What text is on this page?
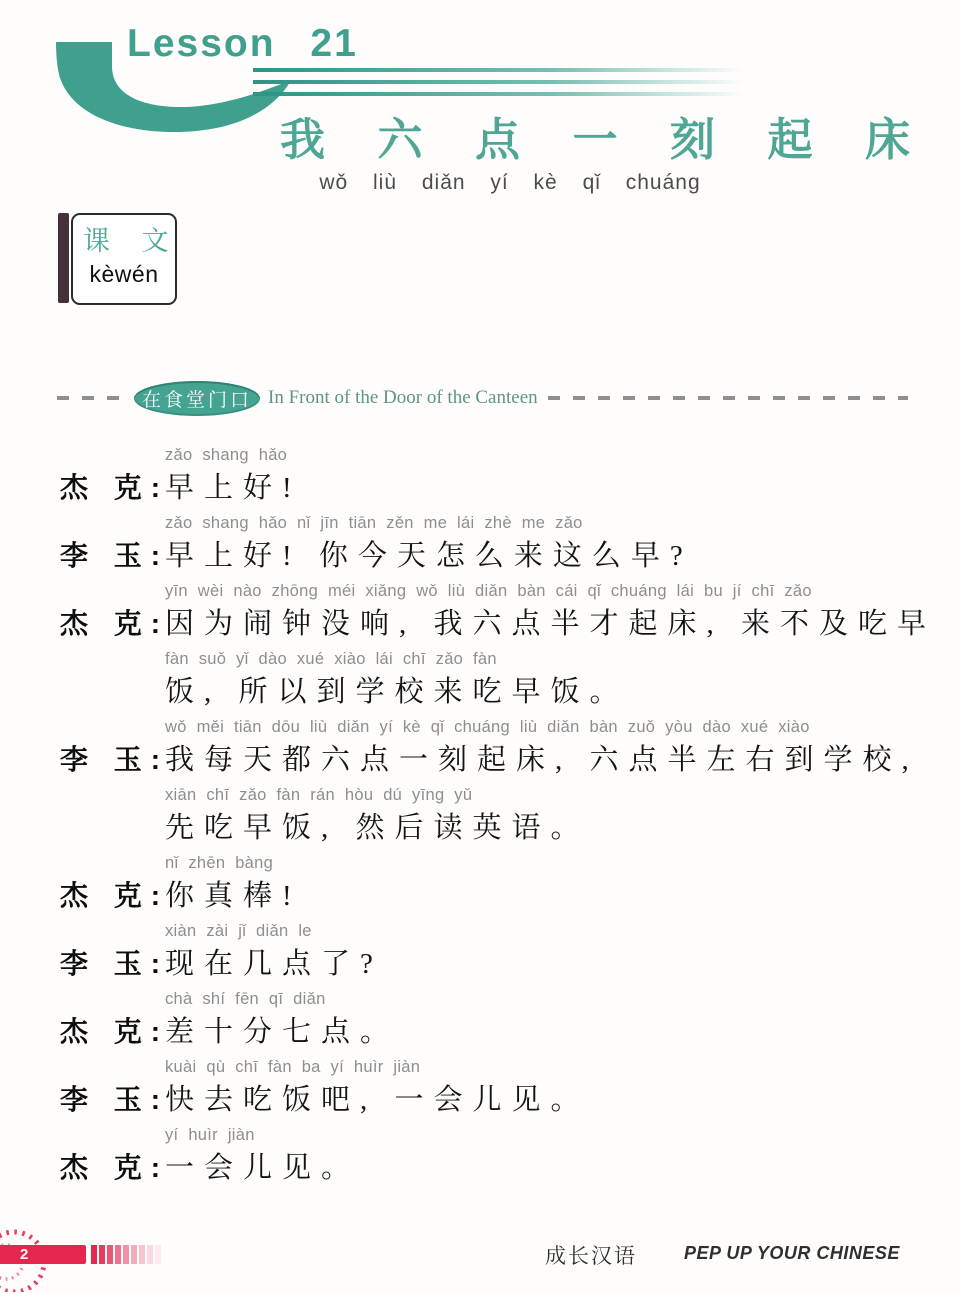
Lesson 21
我 六 点 一 刻 起 床
wǒ liù diǎn yí kè qǐ chuáng
课 文
kèwén
在食堂门口 In Front of the Door of the Canteen
杰 克:
zǎo shang hǎo
早上好!
李 玉:
zǎo shang hǎo nǐ jīn tiān zěn me lái zhè me zǎo
早上好! 你今天怎么来这么早?
杰 克:
yīn wèi nào zhōng méi xiǎng wǒ liù diǎn bàn cái qǐ chuáng lái bu jí chī zǎo
因为闹钟没响, 我六点半才起床, 来不及吃早
fàn suǒ yǐ dào xué xiào lái chī zǎo fàn
饭, 所以到学校来吃早饭。
李 玉:
wǒ měi tiān dōu liù diǎn yí kè qǐ chuáng liù diǎn bàn zuǒ yòu dào xué xiào
我每天都六点一刻起床, 六点半左右到学校,
xiān chī zǎo fàn rán hòu dú yīng yǔ
先吃早饭, 然后读英语。
杰 克:
nǐ zhēn bàng
你真棒!
李 玉:
xiàn zài jǐ diǎn le
现在几点了?
杰 克:
chà shí fēn qī diǎn
差十分七点。
李 玉:
kuài qù chī fàn ba yí huìr jiàn
快去吃饭吧, 一会儿见。
杰 克:
yí huìr jiàn
一会儿见。
2	成长汉语	PEP UP YOUR CHINESE
